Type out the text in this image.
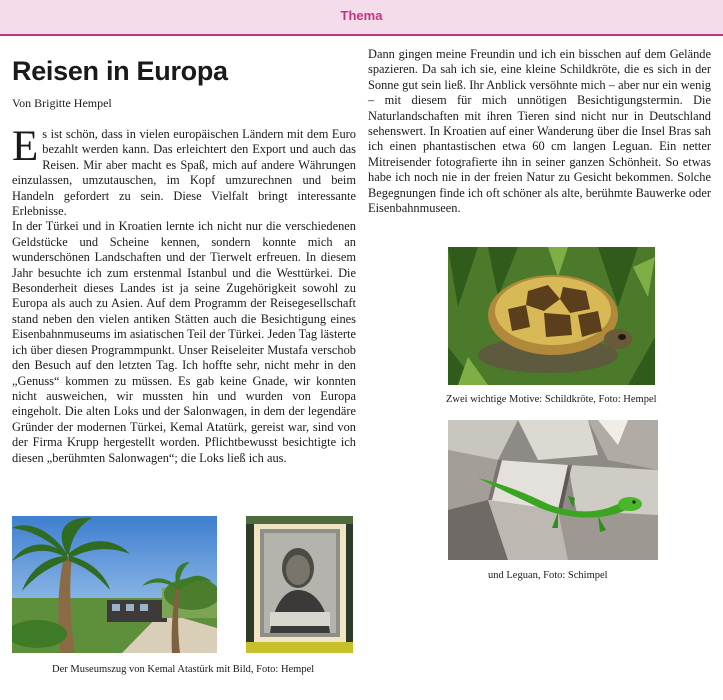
Thema
Reisen in Europa
Von Brigitte Hempel

Es ist schön, dass in vielen europäischen Ländern mit dem Euro bezahlt werden kann. Das erleichtert den Export und auch das Reisen. Mir aber macht es Spaß, mich auf andere Währungen einzulassen, umzutauschen, im Kopf umzurechnen und beim Handeln gefordert zu sein. Diese Vielfalt bringt interessante Erlebnisse.

In der Türkei und in Kroatien lernte ich nicht nur die verschiedenen Geldstücke und Scheine kennen, sondern konnte mich an wunderschönen Landschaften und der Tierwelt erfreuen. In diesem Jahr besuchte ich zum erstenmal Istanbul und die Westtürkei. Die Besonderheit dieses Landes ist ja seine Zugehörigkeit sowohl zu Europa als auch zu Asien. Auf dem Programm der Reisegesellschaft stand neben den vielen antiken Stätten auch die Besichtigung eines Eisenbahnmuseums im asiatischen Teil der Türkei. Jeden Tag lästerte ich über diesen Programmpunkt. Unser Reiseleiter Mustafa verschob den Besuch auf den letzten Tag. Ich hoffte sehr, nicht mehr in den „Genuss“ kommen zu müssen. Es gab keine Gnade, wir konnten nicht ausweichen, wir mussten hin und wurden von Europa eingeholt. Die alten Loks und der Salonwagen, in dem der legendäre Gründer der modernen Türkei, Kemal Atatürk, gereist war, sind von der Firma Krupp hergestellt worden. Pflichtbewusst besichtigte ich diesen „berühmten Salonwagen“; die Loks ließ ich aus.

Dann gingen meine Freundin und ich ein bisschen auf dem Gelände spazieren. Da sah ich sie, eine kleine Schildkröte, die es sich in der Sonne gut sein ließ. Ihr Anblick versöhnte mich – aber nur ein wenig – mit diesem für mich unnötigen Besichtigungstermin. Die Naturlandschaften mit ihren Tieren sind nicht nur in Deutschland sehenswert. In Kroatien auf einer Wanderung über die Insel Bras sah ich einen phantastischen etwa 60 cm langen Leguan. Ein netter Mitreisender fotografierte ihn in seiner ganzen Schönheit. So etwas habe ich noch nie in der freien Natur zu Gesicht bekommen. Solche Begegnungen finde ich oft schöner als alte, berühmte Bauwerke oder Eisenbahnmuseen.

Der Museumszug von Kemal Atastürk mit Bild, Foto: Hempel
Zwei wichtige Motive: Schildkröte, Foto: Hempel
und Leguan, Foto: Schimpel
